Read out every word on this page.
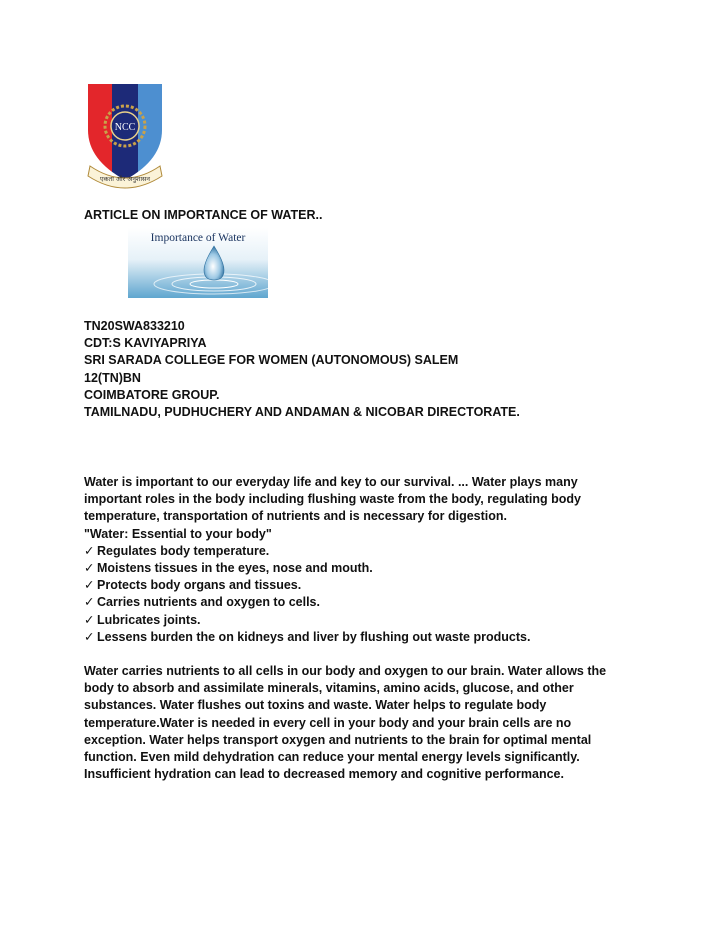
NCC
एकता और अनुशासन
ARTICLE ON IMPORTANCE OF WATER..
Importance of Water
TN20SWA833210
CDT:S KAVIYAPRIYA
SRI SARADA COLLEGE FOR WOMEN (AUTONOMOUS) SALEM
12(TN)BN
COIMBATORE GROUP.
TAMILNADU, PUDHUCHERY AND ANDAMAN & NICOBAR DIRECTORATE.
Water is important to our everyday life and key to our survival. ... Water plays many
important roles in the body including flushing waste from the body, regulating body
temperature, transportation of nutrients and is necessary for digestion.
"Water: Essential to your body"
✓ Regulates body temperature.
✓ Moistens tissues in the eyes, nose and mouth.
✓ Protects body organs and tissues.
✓ Carries nutrients and oxygen to cells.
✓ Lubricates joints.
✓ Lessens burden the on kidneys and liver by flushing out waste products.
Water carries nutrients to all cells in our body and oxygen to our brain. Water allows the
body to absorb and assimilate minerals, vitamins, amino acids, glucose, and other
substances. Water flushes out toxins and waste. Water helps to regulate body
temperature.Water is needed in every cell in your body and your brain cells are no
exception. Water helps transport oxygen and nutrients to the brain for optimal mental
function. Even mild dehydration can reduce your mental energy levels significantly.
Insufficient hydration can lead to decreased memory and cognitive performance.
